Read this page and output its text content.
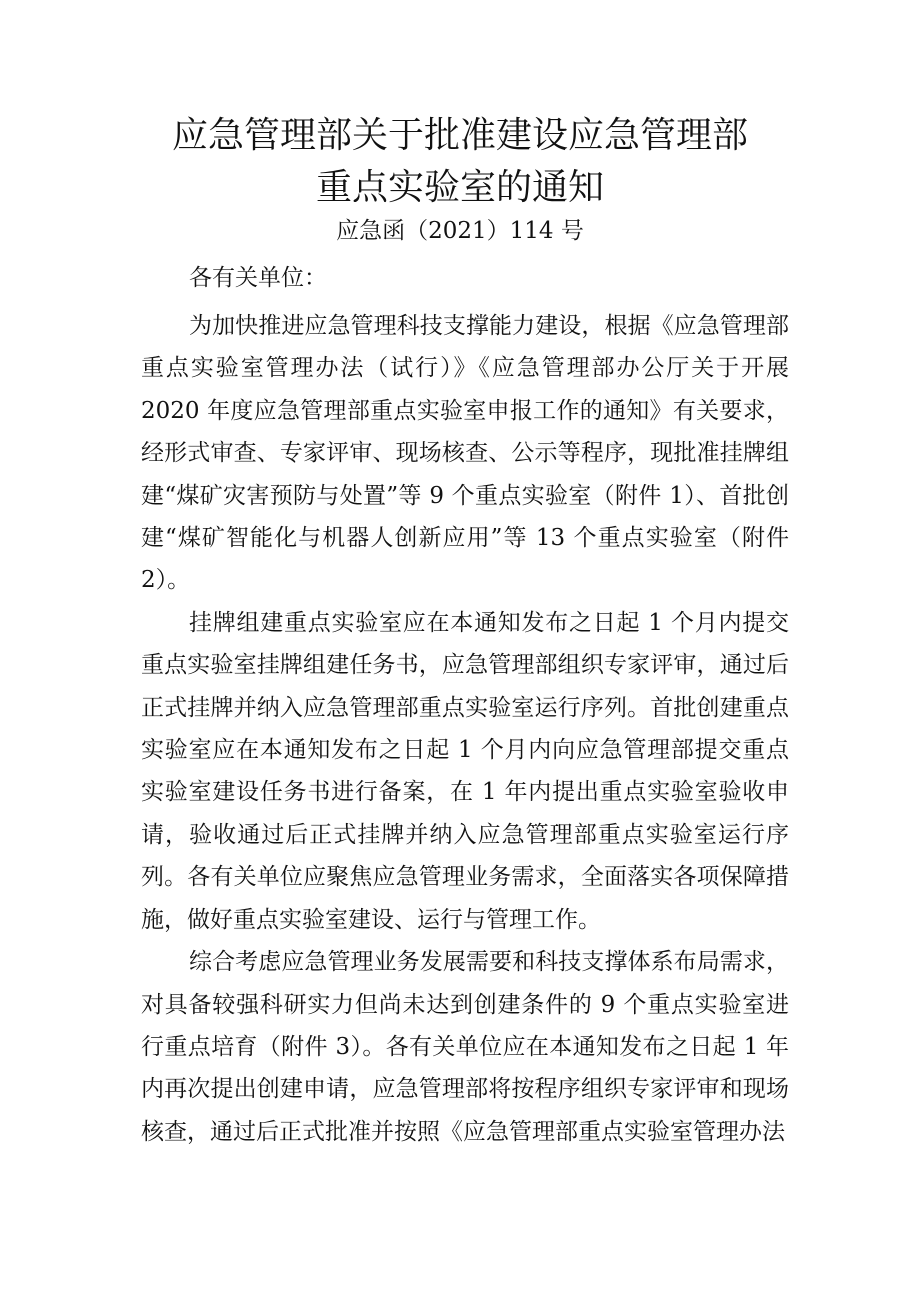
应急管理部关于批准建设应急管理部
重点实验室的通知
应急函（2021）114 号
各有关单位：

为加快推进应急管理科技支撑能力建设，根据《应急管理部重点实验室管理办法（试行）》《应急管理部办公厅关于开展2020 年度应急管理部重点实验室申报工作的通知》有关要求，经形式审查、专家评审、现场核查、公示等程序，现批准挂牌组建“煤矿灾害预防与处置”等 9 个重点实验室（附件 1）、首批创建“煤矿智能化与机器人创新应用”等 13 个重点实验室（附件 2）。

挂牌组建重点实验室应在本通知发布之日起 1 个月内提交重点实验室挂牌组建任务书，应急管理部组织专家评审，通过后正式挂牌并纳入应急管理部重点实验室运行序列。首批创建重点实验室应在本通知发布之日起 1 个月内向应急管理部提交重点实验室建设任务书进行备案，在 1 年内提出重点实验室验收申请，验收通过后正式挂牌并纳入应急管理部重点实验室运行序列。各有关单位应聚焦应急管理业务需求，全面落实各项保障措施，做好重点实验室建设、运行与管理工作。

综合考虑应急管理业务发展需要和科技支撑体系布局需求，对具备较强科研实力但尚未达到创建条件的 9 个重点实验室进行重点培育（附件 3）。各有关单位应在本通知发布之日起 1 年内再次提出创建申请，应急管理部将按程序组织专家评审和现场核查，通过后正式批准并按照《应急管理部重点实验室管理办法
